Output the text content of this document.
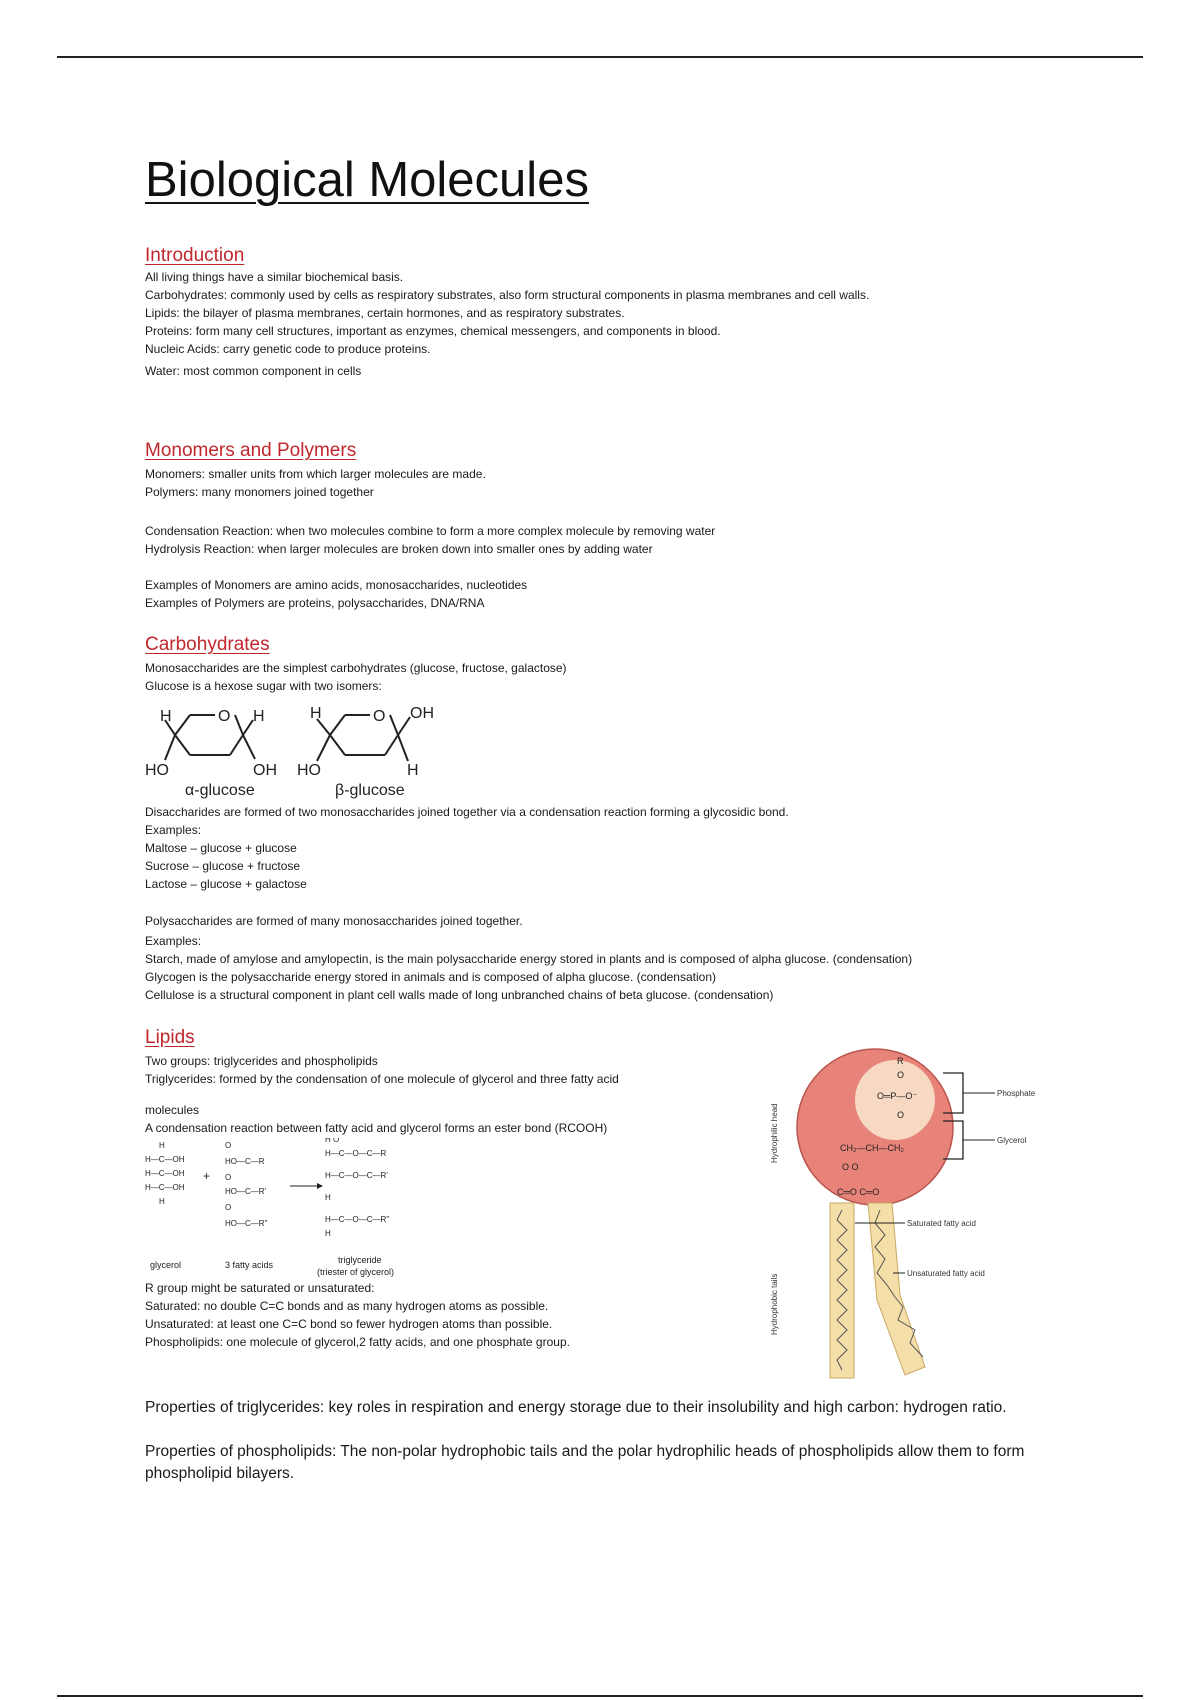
Biological Molecules
Introduction

All living things have a similar biochemical basis.

Carbohydrates: commonly used by cells as respiratory substrates, also form structural components in plasma membranes and cell walls.

Lipids: the bilayer of plasma membranes, certain hormones, and as respiratory substrates.

Proteins: form many cell structures, important as enzymes, chemical messengers, and components in blood.

Nucleic Acids: carry genetic code to produce proteins.

Water: most common component in cells

Monomers and Polymers

Monomers: smaller units from which larger molecules are made.

Polymers: many monomers joined together

Condensation Reaction: when two molecules combine to form a more complex molecule by removing water

Hydrolysis Reaction: when larger molecules are broken down into smaller ones by adding water

Examples of Monomers are amino acids, monosaccharides, nucleotides

Examples of Polymers are proteins, polysaccharides, DNA/RNA

Carbohydrates

Monosaccharides are the simplest carbohydrates (glucose, fructose, galactose)

Glucose is a hexose sugar with two isomers:

H	O H
HO	OH
H	O OH
HO	H
α-glucose	β-glucose

Disaccharides are formed of two monosaccharides joined together via a condensation reaction forming a glycosidic bond.

Examples:

Maltose – glucose + glucose

Sucrose – glucose + fructose

Lactose – glucose + galactose

Polysaccharides are formed of many monosaccharides joined together.

Examples:

Starch, made of amylose and amylopectin, is the main polysaccharide energy stored in plants and is composed of alpha glucose. (condensation)

Glycogen is the polysaccharide energy stored in animals and is composed of alpha glucose. (condensation)

Cellulose is a structural component in plant cell walls made of long unbranched chains of beta glucose. (condensation)

Lipids

Two groups: triglycerides and phospholipids

Triglycerides: formed by the condensation of one molecule of glycerol and three fatty acid

molecules

A condensation reaction between fatty acid and glycerol forms an ester bond (RCOOH)

H
H—C—OH
H—C—OH
H—C—OH
H
O
HO—C—R
O
HO—C—R'
O
HO—C—R"
H O
H—C—O—C—R
H—C—O—C—R'
H
H—C—O—C—R"
H
+
glycerol	3 fatty acids	triglyceride
(triester of glycerol)

R group might be saturated or unsaturated:

Saturated: no double C=C bonds and as many hydrogen atoms as possible.

Unsaturated: at least one C=C bond so fewer hydrogen atoms than possible.

Phospholipids: one molecule of glycerol,2 fatty acids, and one phosphate group.

R
O
O═P—O⁻
O
CH₂—CH—CH₂
O O
C═O C═O
Phosphate
Glycerol
Saturated fatty acid
Unsaturated fatty acid
Hydrophilic head
Hydrophobic tails

Properties of triglycerides: key roles in respiration and energy storage due to their insolubility and high carbon: hydrogen ratio.

Properties of phospholipids: The non-polar hydrophobic tails and the polar hydrophilic heads of phospholipids allow them to form phospholipid bilayers.
